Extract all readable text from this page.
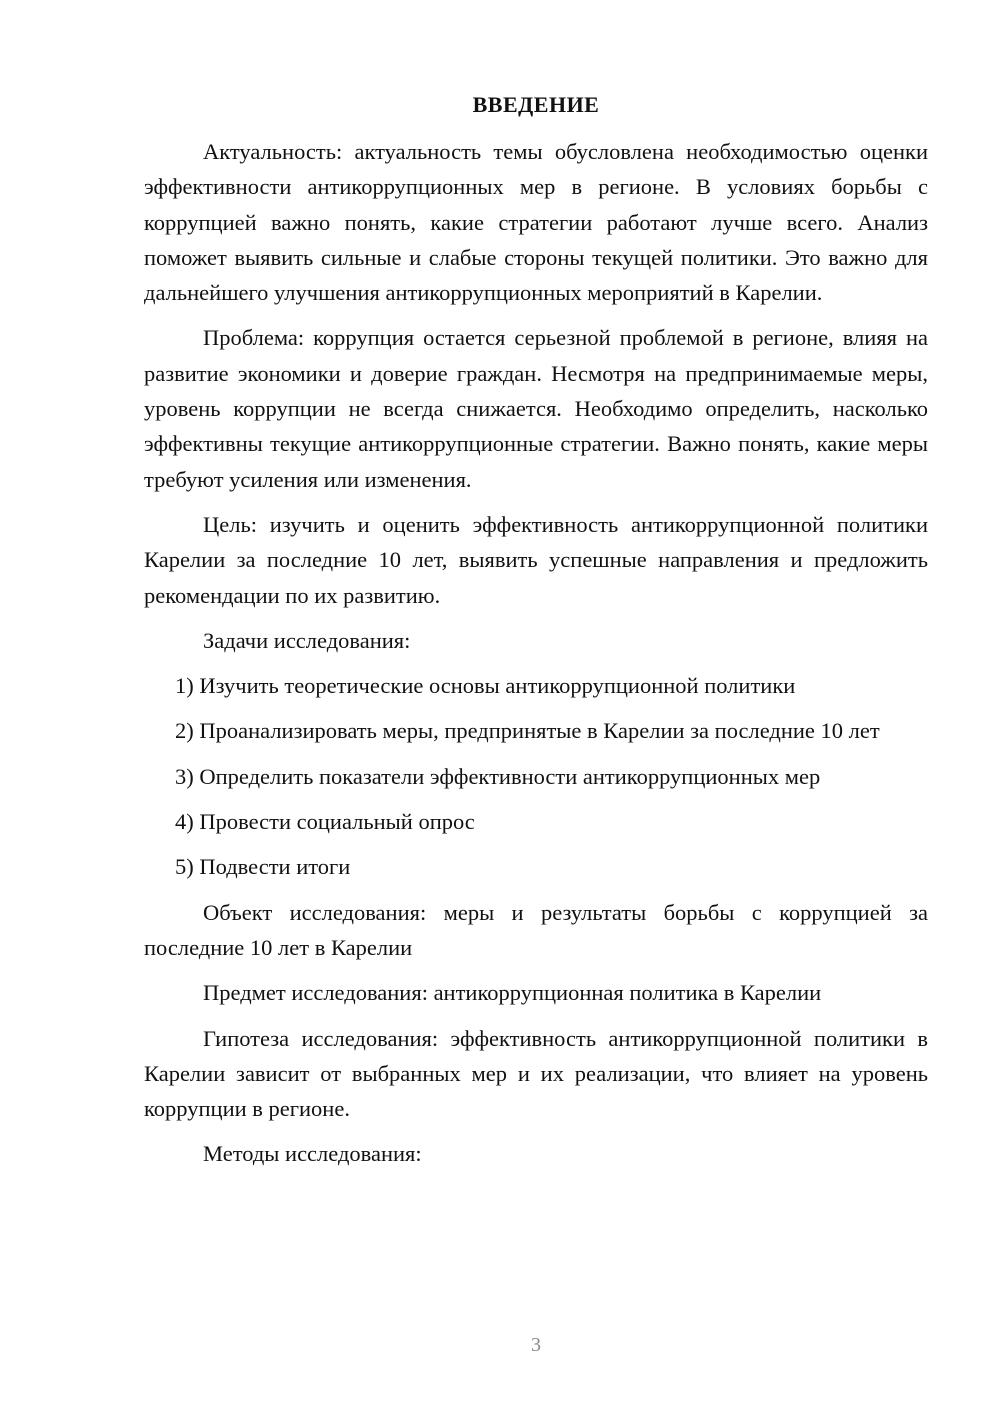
ВВЕДЕНИЕ

Актуальность: актуальность темы обусловлена необходимостью оценки эффективности антикоррупционных мер в регионе. В условиях борьбы с коррупцией важно понять, какие стратегии работают лучше всего. Анализ поможет выявить сильные и слабые стороны текущей политики. Это важно для дальнейшего улучшения антикоррупционных мероприятий в Карелии.

Проблема: коррупция остается серьезной проблемой в регионе, влияя на развитие экономики и доверие граждан. Несмотря на предпринимаемые меры, уровень коррупции не всегда снижается. Необходимо определить, насколько эффективны текущие антикоррупционные стратегии. Важно понять, какие меры требуют усиления или изменения.

Цель: изучить и оценить эффективность антикоррупционной политики Карелии за последние 10 лет, выявить успешные направления и предложить рекомендации по их развитию.

Задачи исследования:

1) Изучить теоретические основы антикоррупционной политики

2) Проанализировать меры, предпринятые в Карелии за последние 10 лет

3) Определить показатели эффективности антикоррупционных мер

4) Провести социальный опрос

5) Подвести итоги

Объект исследования: меры и результаты борьбы с коррупцией за последние 10 лет в Карелии

Предмет исследования: антикоррупционная политика в Карелии

Гипотеза исследования: эффективность антикоррупционной политики в Карелии зависит от выбранных мер и их реализации, что влияет на уровень коррупции в регионе.

Методы исследования:

3
